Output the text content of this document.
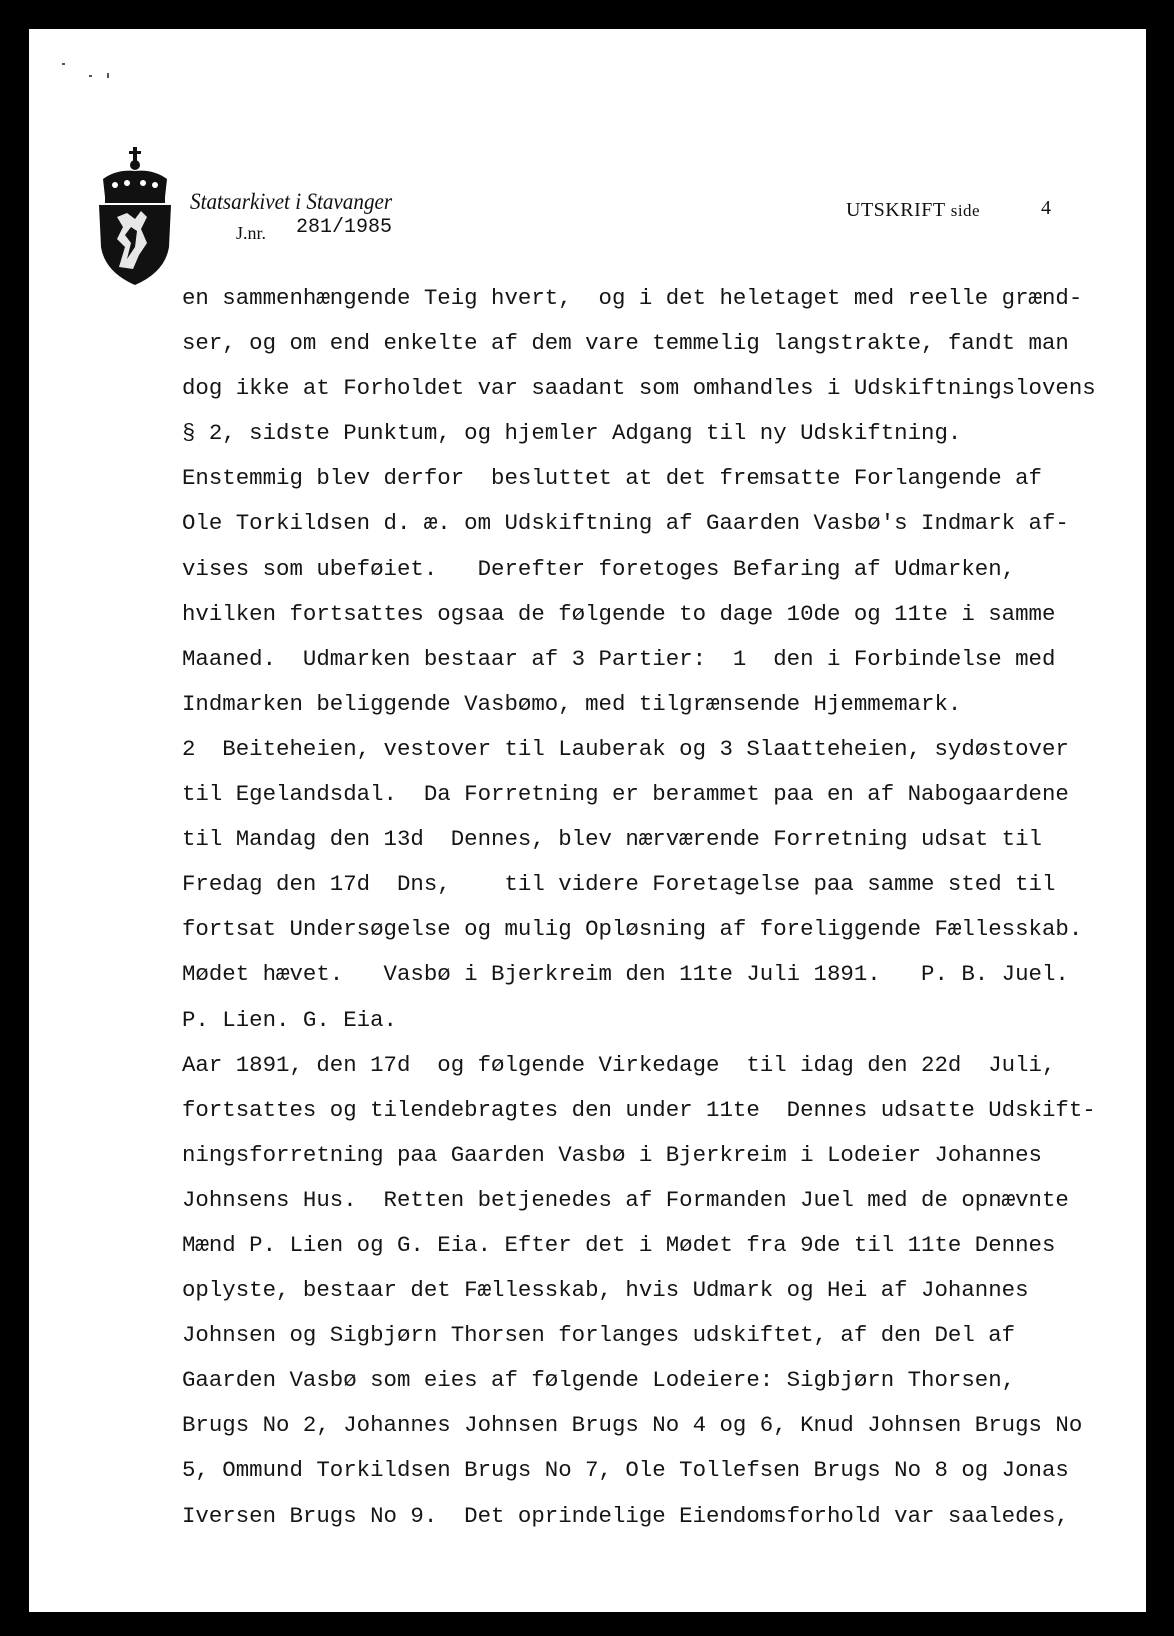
Statsarkivet i Stavanger
J.nr. 281/1985
UTSKRIFT side	4
en sammenhængende Teig hvert,  og i det heletaget med reelle grænd-
ser, og om end enkelte af dem vare temmelig langstrakte, fandt man
dog ikke at Forholdet var saadant som omhandles i Udskiftningslovens
§ 2, sidste Punktum, og hjemler Adgang til ny Udskiftning.
Enstemmig blev derfor  besluttet at det fremsatte Forlangende af
Ole Torkildsen d. æ. om Udskiftning af Gaarden Vasbø's Indmark af-
vises som ubeføiet.   Derefter foretoges Befaring af Udmarken,
hvilken fortsattes ogsaa de følgende to dage 10de og 11te i samme
Maaned.  Udmarken bestaar af 3 Partier:  1  den i Forbindelse med
Indmarken beliggende Vasbømo, med tilgrænsende Hjemmemark.
2  Beiteheien, vestover til Lauberak og 3 Slaatteheien, sydøstover
til Egelandsdal.  Da Forretning er berammet paa en af Nabogaardene
til Mandag den 13d  Dennes, blev nærværende Forretning udsat til
Fredag den 17d  Dns,    til videre Foretagelse paa samme sted til
fortsat Undersøgelse og mulig Opløsning af foreliggende Fællesskab.
Mødet hævet.   Vasbø i Bjerkreim den 11te Juli 1891.   P. B. Juel.
P. Lien. G. Eia.
Aar 1891, den 17d  og følgende Virkedage  til idag den 22d  Juli,
fortsattes og tilendebragtes den under 11te  Dennes udsatte Udskift-
ningsforretning paa Gaarden Vasbø i Bjerkreim i Lodeier Johannes
Johnsens Hus.  Retten betjenedes af Formanden Juel med de opnævnte
Mænd P. Lien og G. Eia. Efter det i Mødet fra 9de til 11te Dennes
oplyste, bestaar det Fællesskab, hvis Udmark og Hei af Johannes
Johnsen og Sigbjørn Thorsen forlanges udskiftet, af den Del af
Gaarden Vasbø som eies af følgende Lodeiere: Sigbjørn Thorsen,
Brugs No 2, Johannes Johnsen Brugs No 4 og 6, Knud Johnsen Brugs No
5, Ommund Torkildsen Brugs No 7, Ole Tollefsen Brugs No 8 og Jonas
Iversen Brugs No 9.  Det oprindelige Eiendomsforhold var saaledes,
